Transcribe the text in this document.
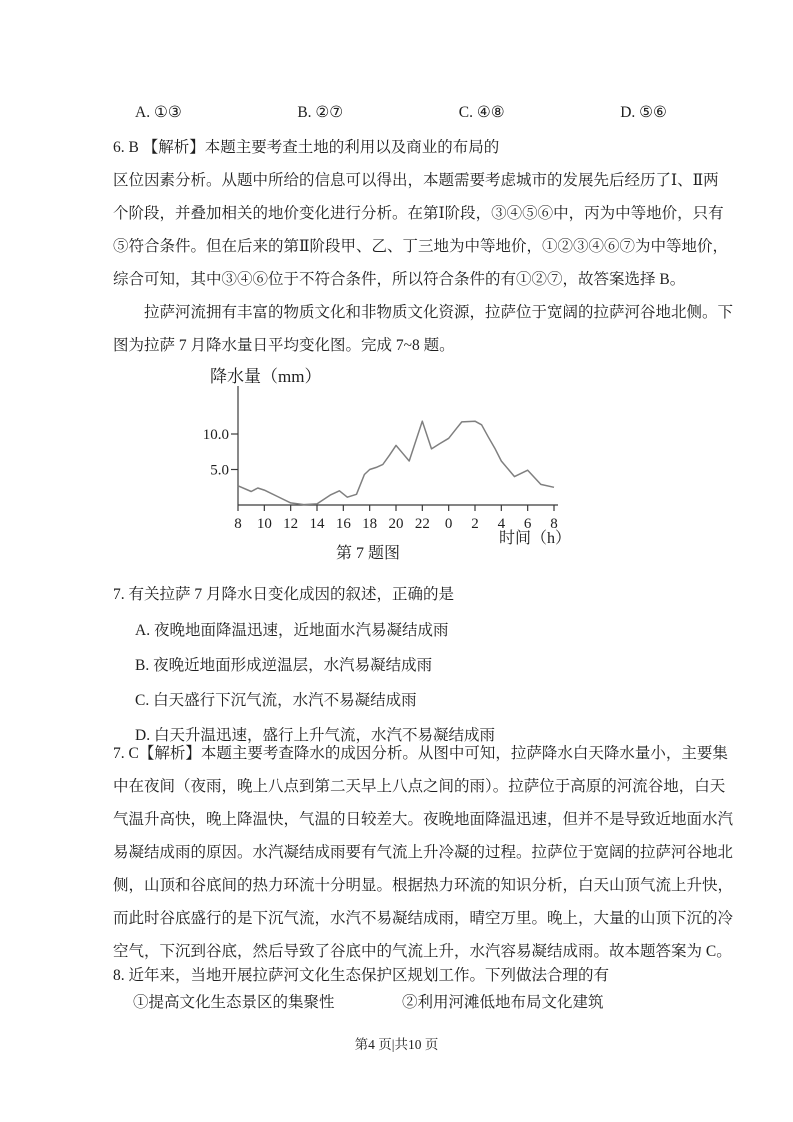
A. ①③	B. ②⑦	C. ④⑧	D. ⑤⑥
6. B 【解析】本题主要考查土地的利用以及商业的布局的
区位因素分析。从题中所给的信息可以得出，本题需要考虑城市的发展先后经历了Ⅰ、Ⅱ两
个阶段，并叠加相关的地价变化进行分析。在第Ⅰ阶段，③④⑤⑥中，丙为中等地价，只有
⑤符合条件。但在后来的第Ⅱ阶段甲、乙、丁三地为中等地价，①②③④⑥⑦为中等地价，
综合可知，其中③④⑥位于不符合条件，所以符合条件的有①②⑦，故答案选择 B。
拉萨河流拥有丰富的物质文化和非物质文化资源，拉萨位于宽阔的拉萨河谷地北侧。下
图为拉萨 7 月降水量日平均变化图。完成 7~8 题。
降水量（mm）
5.0
10.0
8 10 12 14 16 18 20 22 0 2 4 6 8
时间（h）
第 7 题图
7. 有关拉萨 7 月降水日变化成因的叙述，正确的是
A. 夜晚地面降温迅速，近地面水汽易凝结成雨
B. 夜晚近地面形成逆温层，水汽易凝结成雨
C. 白天盛行下沉气流，水汽不易凝结成雨
D. 白天升温迅速，盛行上升气流，水汽不易凝结成雨
7. C【解析】本题主要考查降水的成因分析。从图中可知，拉萨降水白天降水量小，主要集
中在夜间（夜雨，晚上八点到第二天早上八点之间的雨）。拉萨位于高原的河流谷地，白天
气温升高快，晚上降温快，气温的日较差大。夜晚地面降温迅速，但并不是导致近地面水汽
易凝结成雨的原因。水汽凝结成雨要有气流上升冷凝的过程。拉萨位于宽阔的拉萨河谷地北
侧，山顶和谷底间的热力环流十分明显。根据热力环流的知识分析，白天山顶气流上升快，
而此时谷底盛行的是下沉气流，水汽不易凝结成雨，晴空万里。晚上，大量的山顶下沉的冷
空气，下沉到谷底，然后导致了谷底中的气流上升，水汽容易凝结成雨。故本题答案为 C。
8. 近年来，当地开展拉萨河文化生态保护区规划工作。下列做法合理的有
①提高文化生态景区的集聚性	②利用河滩低地布局文化建筑
第4 页|共10 页
